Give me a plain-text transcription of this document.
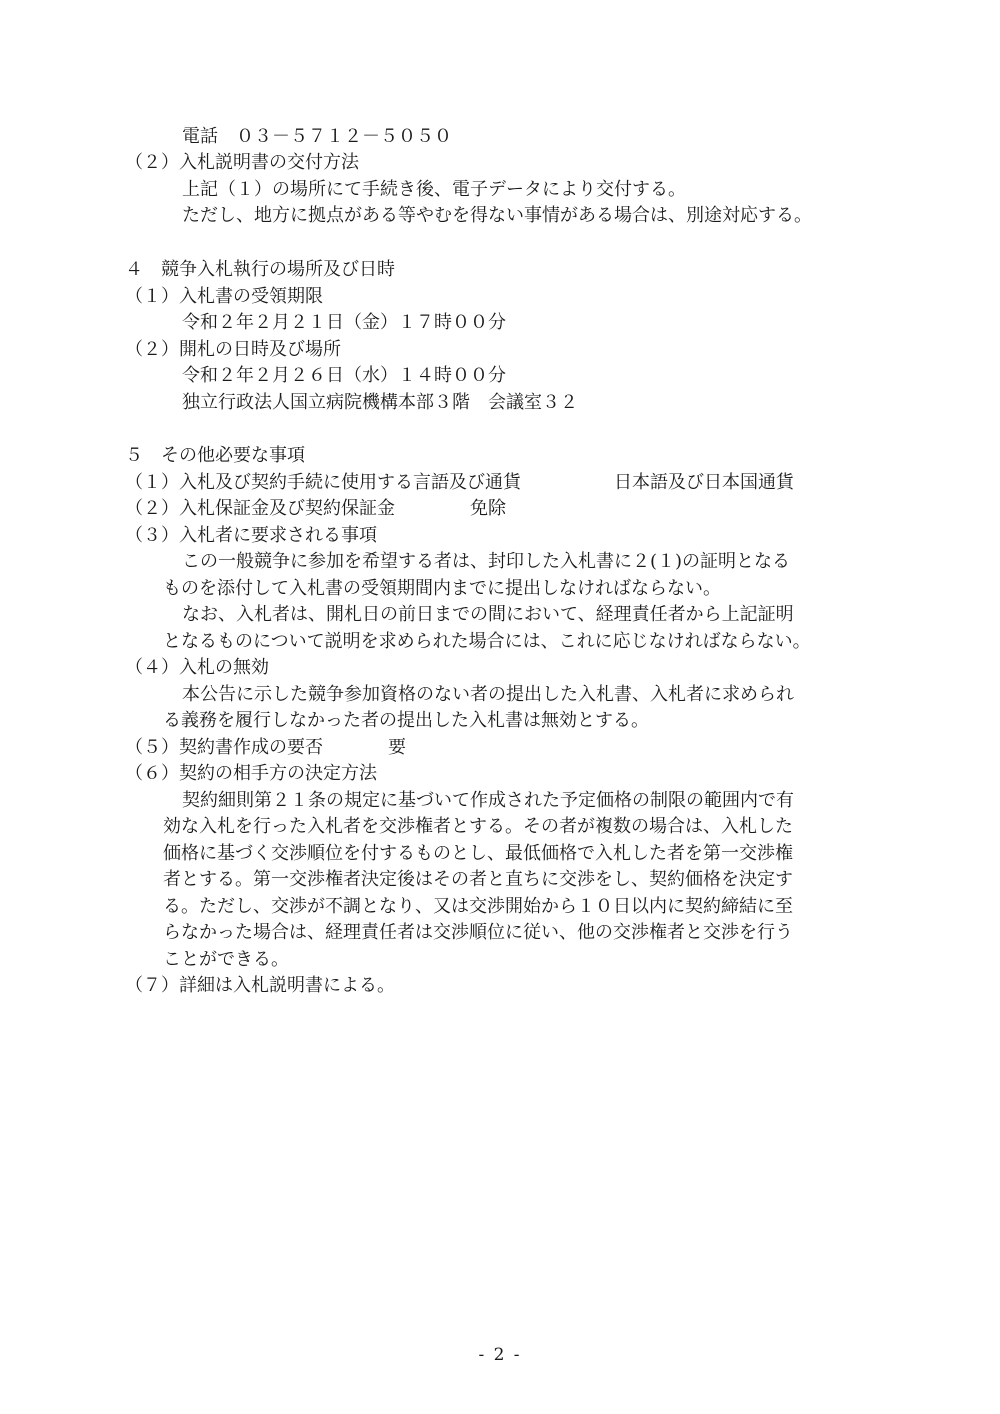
電話　０３－５７１２－５０５０
（２）入札説明書の交付方法
上記（１）の場所にて手続き後、電子データにより交付する。
ただし、地方に拠点がある等やむを得ない事情がある場合は、別途対応する。
４　競争入札執行の場所及び日時
（１）入札書の受領期限
令和２年２月２１日（金）１７時００分
（２）開札の日時及び場所
令和２年２月２６日（水）１４時００分
独立行政法人国立病院機構本部３階　会議室３２
５　その他必要な事項
（１）入札及び契約手続に使用する言語及び通貨	日本語及び日本国通貨
（２）入札保証金及び契約保証金	免除
（３）入札者に要求される事項
この一般競争に参加を希望する者は、封印した入札書に２(１)の証明となる
ものを添付して入札書の受領期間内までに提出しなければならない。
なお、入札者は、開札日の前日までの間において、経理責任者から上記証明
となるものについて説明を求められた場合には、これに応じなければならない。
（４）入札の無効
本公告に示した競争参加資格のない者の提出した入札書、入札者に求められ
る義務を履行しなかった者の提出した入札書は無効とする。
（５）契約書作成の要否	要
（６）契約の相手方の決定方法
契約細則第２１条の規定に基づいて作成された予定価格の制限の範囲内で有
効な入札を行った入札者を交渉権者とする。その者が複数の場合は、入札した
価格に基づく交渉順位を付するものとし、最低価格で入札した者を第一交渉権
者とする。第一交渉権者決定後はその者と直ちに交渉をし、契約価格を決定す
る。ただし、交渉が不調となり、又は交渉開始から１０日以内に契約締結に至
らなかった場合は、経理責任者は交渉順位に従い、他の交渉権者と交渉を行う
ことができる。
（７）詳細は入札説明書による。
- 2 -
